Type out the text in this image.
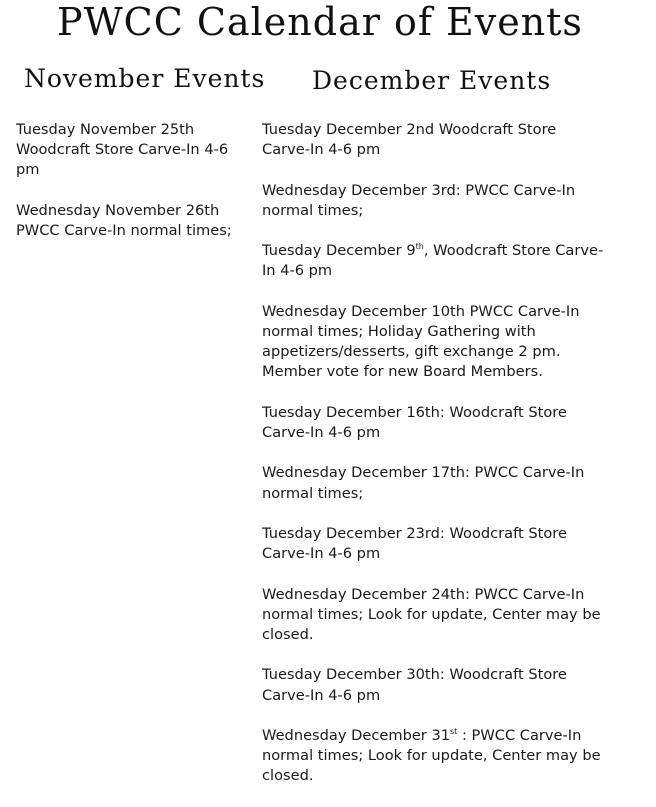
PWCC Calendar of Events
November Events December Events
Tuesday November 25th Woodcraft Store Carve-In 4-6 pm
Wednesday November 26th PWCC Carve-In normal times;
Tuesday December 2nd Woodcraft Store Carve-In 4-6 pm
Wednesday December 3rd: PWCC Carve-In normal times;
Tuesday December 9th, Woodcraft Store Carve-In 4-6 pm
Wednesday December 10th PWCC Carve-In normal times; Holiday Gathering with appetizers/desserts, gift exchange 2 pm. Member vote for new Board Members.
Tuesday December 16th: Woodcraft Store Carve-In 4-6 pm
Wednesday December 17th: PWCC Carve-In normal times;
Tuesday December 23rd: Woodcraft Store Carve-In 4-6 pm
Wednesday December 24th: PWCC Carve-In normal times; Look for update, Center may be closed.
Tuesday December 30th: Woodcraft Store Carve-In 4-6 pm
Wednesday December 31st : PWCC Carve-In normal times; Look for update, Center may be closed.
